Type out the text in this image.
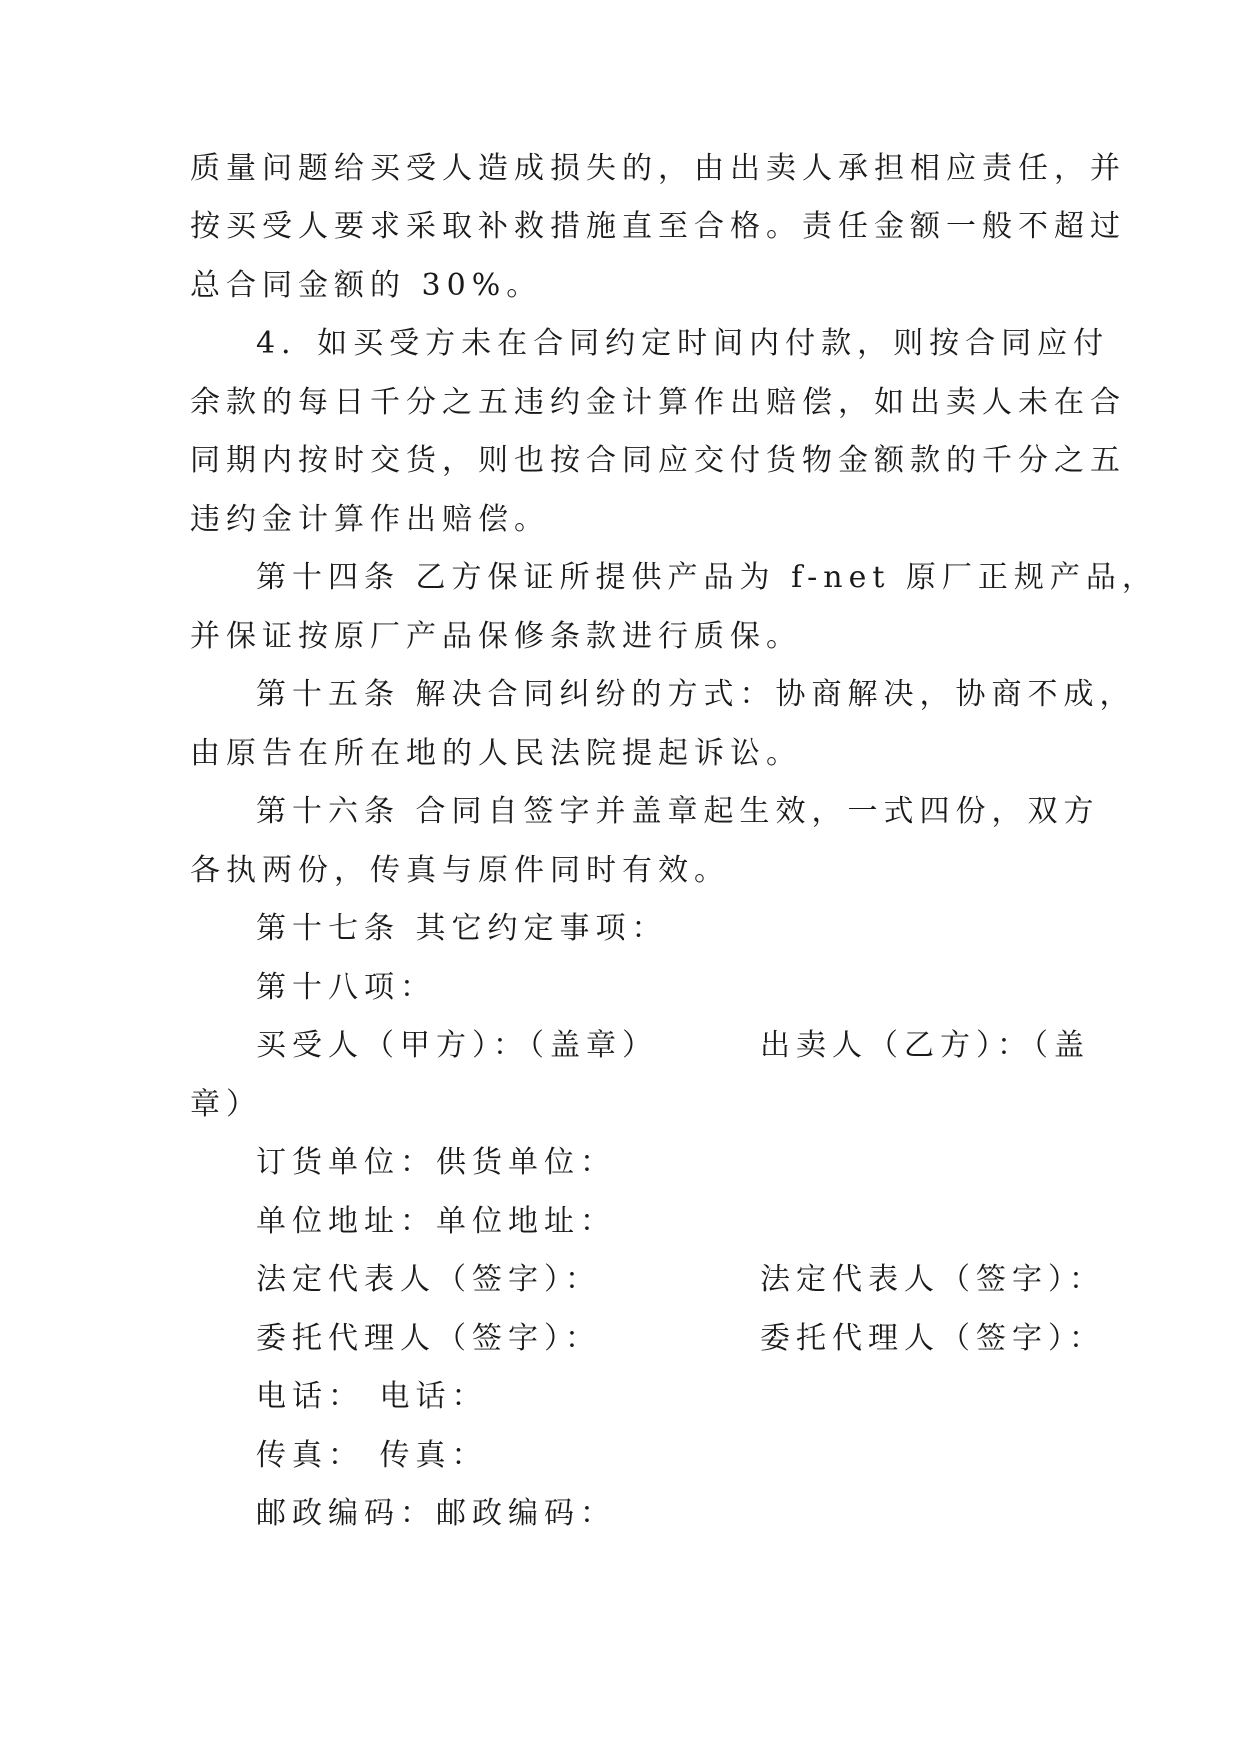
质量问题给买受人造成损失的，由出卖人承担相应责任，并
按买受人要求采取补救措施直至合格。责任金额一般不超过
总合同金额的 30%。
4．如买受方未在合同约定时间内付款，则按合同应付
余款的每日千分之五违约金计算作出赔偿，如出卖人未在合
同期内按时交货，则也按合同应交付货物金额款的千分之五
违约金计算作出赔偿。
第十四条 乙方保证所提供产品为 f-net 原厂正规产品，
并保证按原厂产品保修条款进行质保。
第十五条 解决合同纠纷的方式：协商解决，协商不成，
由原告在所在地的人民法院提起诉讼。
第十六条 合同自签字并盖章起生效，一式四份，双方
各执两份，传真与原件同时有效。
第十七条 其它约定事项：
第十八项：
买受人（甲方）：（盖章）	出卖人（乙方）：（盖
章）
订货单位：供货单位：
单位地址：单位地址：
法定代表人（签字）：	法定代表人（签字）：
委托代理人（签字）：	委托代理人（签字）：
电话： 电话：
传真： 传真：
邮政编码：邮政编码：
